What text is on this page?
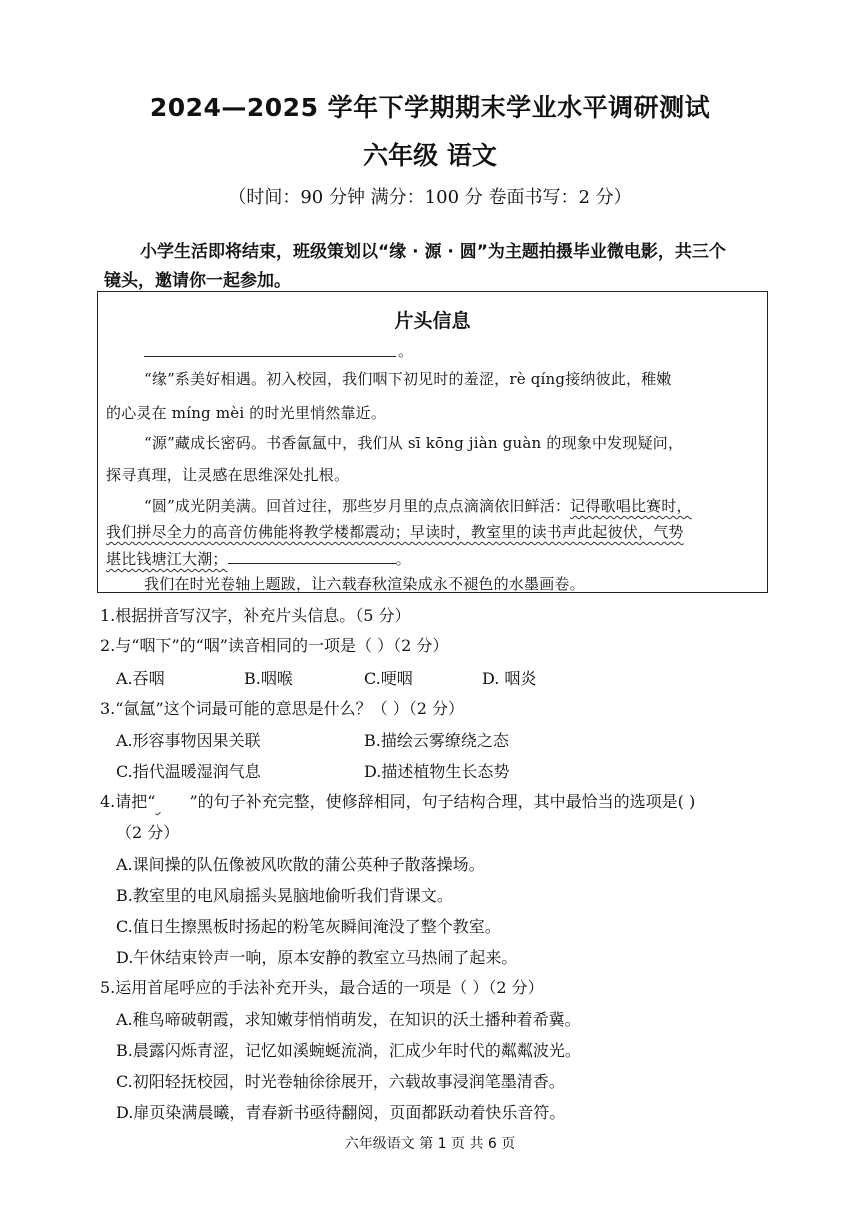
2024—2025 学年下学期期末学业水平调研测试
六年级 语文
（时间：90 分钟 满分：100 分 卷面书写：2 分）
小学生活即将结束，班级策划以“缘 · 源 · 圆”为主题拍摄毕业微电影，共三个
镜头，邀请你一起参加。
片头信息
。
“缘”系美好相遇。初入校园，我们咽下初见时的羞涩，rè qíng接纳彼此，稚嫩
的心灵在 míng mèi 的时光里悄然靠近。
“源”藏成长密码。书香氤氲中，我们从 sī kōng jiàn guàn 的现象中发现疑问，
探寻真理，让灵感在思维深处扎根。
“圆”成光阴美满。回首过往，那些岁月里的点点滴滴依旧鲜活：记得歌唱比赛时，
我们拼尽全力的高音仿佛能将教学楼都震动；早读时，教室里的读书声此起彼伏，气势
堪比钱塘江大潮；	。
我们在时光卷轴上题跋，让六载春秋渲染成永不褪色的水墨画卷。
1.根据拼音写汉字，补充片头信息。（5 分）
2.与“咽下”的“咽”读音相同的一项是（ ）（2 分）
A.吞咽	B.咽喉	C.哽咽	D. 咽炎
3.“氤氲”这个词最可能的意思是什么？（ ）（2 分）
A.形容事物因果关联	B.描绘云雾缭绕之态
C.指代温暖湿润气息	D.描述植物生长态势
4.请把“ ”的句子补充完整，使修辞相同，句子结构合理，其中最恰当的选项是( )
（2 分）
A.课间操的队伍像被风吹散的蒲公英种子散落操场。
B.教室里的电风扇摇头晃脑地偷听我们背课文。
C.值日生擦黑板时扬起的粉笔灰瞬间淹没了整个教室。
D.午休结束铃声一响，原本安静的教室立马热闹了起来。
5.运用首尾呼应的手法补充开头，最合适的一项是（ ）（2 分）
A.稚鸟啼破朝霞，求知嫩芽悄悄萌发，在知识的沃土播种着希冀。
B.晨露闪烁青涩，记忆如溪蜿蜒流淌，汇成少年时代的粼粼波光。
C.初阳轻抚校园，时光卷轴徐徐展开，六载故事浸润笔墨清香。
D.扉页染满晨曦，青春新书亟待翻阅，页面都跃动着快乐音符。
六年级语文 第 1 页 共 6 页
